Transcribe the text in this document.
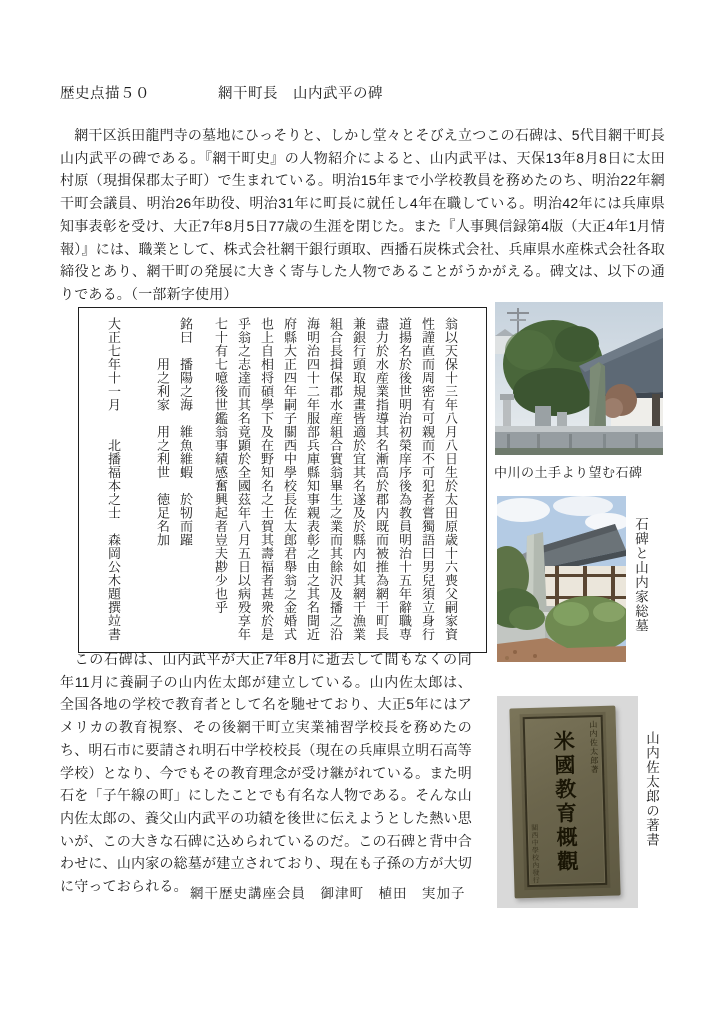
歴史点描５０	網干町長　山内武平の碑
　網干区浜田龍門寺の墓地にひっそりと、しかし堂々とそびえ立つこの石碑は、5代目網干町長山内武平の碑である。『網干町史』の人物紹介によると、山内武平は、天保13年8月8日に太田村原（現揖保郡太子町）で生まれている。明治15年まで小学校教員を務めたのち、明治22年網干町会議員、明治26年助役、明治31年に町長に就任し4年在職している。明治42年には兵庫県知事表彰を受け、大正7年8月5日77歳の生涯を閉じた。また『人事興信録第4版（大正4年1月情報）』には、職業として、株式会社網干銀行頭取、西播石炭株式会社、兵庫県水産株式会社各取締役とあり、網干町の発展に大きく寄与した人物であることがうかがえる。碑文は、以下の通りである。（一部新字使用）

翁以天保十三年八月八日生於太田原歳十六喪父嗣家資

性謹直而周密有可親而不可犯者嘗獨語曰男兒須立身行

道揚名於後世明治初榮庠序後為教員明治十五年辭職専

盡力於水産業指導其名漸高於郡内既而被推為網干町長

兼銀行頭取規畫皆適於宜其名遂及於縣内如其網干漁業

組合長揖保郡水産組合實翁畢生之業而其餘沢及播之沿

海明治四十二年服部兵庫縣知事親表彰之由之其名聞近

府縣大正四年嗣子關西中學校長佐太郎君舉翁之金婚式

也上自相将碩學下及在野知名之士賀其壽福者甚衆於是

乎翁之志達而其名竟顕於全國茲年八月五日以病殁享年

七十有七噫後世鑑翁事績感奮興起者豈夫尠少也乎

銘曰　播陽之海　維魚維蝦　於牣而躍

　　　用之利家　用之利世　徳足名加

大正七年十一月　　北播福本之士　森岡公木題撰竝書	中川の土手より望む石碑
石碑と山内家総墓
山内佐太郎著
米國教育概觀
關西中學校內發行
山内佐太郎の著書
　この石碑は、山内武平が大正7年8月に逝去して間もなくの同年11月に養嗣子の山内佐太郎が建立している。山内佐太郎は、全国各地の学校で教育者として名を馳せており、大正5年にはアメリカの教育視察、その後網干町立実業補習学校長を務めたのち、明石市に要請され明石中学校校長（現在の兵庫県立明石高等学校）となり、今でもその教育理念が受け継がれている。また明石を「子午線の町」にしたことでも有名な人物である。そんな山内佐太郎の、養父山内武平の功績を後世に伝えようとした熱い思いが、この大きな石碑に込められているのだ。この石碑と背中合わせに、山内家の総墓が建立されており、現在も子孫の方が大切に守っておられる。 網干歴史講座会員　御津町　植田　実加子
